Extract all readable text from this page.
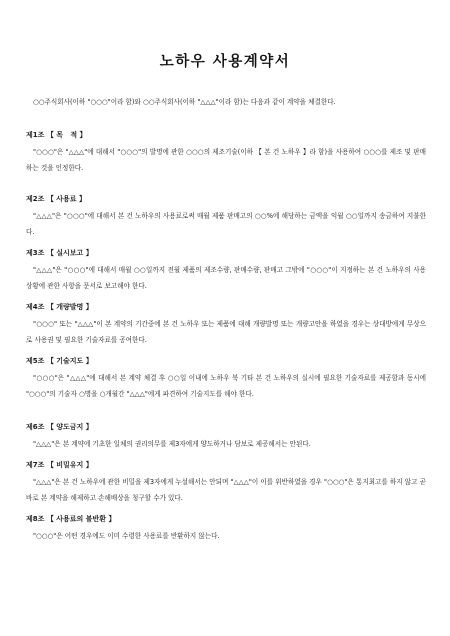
노하우 사용계약서

○○주식회사(이하 "○○○"이라 함)와 ○○주식회사(이하 "△△△"이라 함)는 다음과 같이 계약을 체결한다.

제1조 【 목   적 】

"○○○"은 "△△△"에 대해서 "○○○"의 발명에 관한 ○○○의 제조기술(이하 【 본 건 노하우 】라 함)을 사용하여 ○○○를 제조 및 판매하는 것을 인정한다.

제2조 【 사용료 】

"△△△"은 "○○○"에 대해서 본 건 노하우의 사용료로써 매월 제품 판매고의 ○○%에 해당하는 금액을 익월 ○○일까지 송금하여 지불한다.

제3조 【 실시보고 】

"△△△"은 "○○○"에 대해서 매월 ○○일까지 전월 제품의 제조수량, 판매수량, 판매고 그밖에 "○○○"이 지정하는 본 건 노하우의 사용 상황에 관한 사항을 문서로 보고해야 한다.

제4조 【 개량발명 】

"○○○" 또는 "△△△"이 본 계약의 기간중에 본 건 노하우 또는 제품에 대해 개량발명 또는 개량고안을 하였을 경우는 상대방에게 무상으로 사용권 및 필요한 기술자료를 공여한다.

제5조 【 기술지도 】

"○○○"은 "△△△"에 대해서 본 계약 체결 후 ○○일 이내에 노하우 북 기타 본 건 노하우의 실시에 필요한 기술자료를 제공함과 동시에 "○○○"의 기술자 ○명을 ○개월간 "△△△"에게 파견하여 기술지도를 해야 한다.

제6조 【 양도금지 】

"△△△"은 본 계약에 기초한 일체의 권리의무를 제3자에게 양도하거나 담보로 제공해서는 안된다.

제7조 【 비밀유지 】

"△△△"은 본 건 노하우에 관한 비밀을 제3자에게 누설해서는 안되며 "△△△"이 이를 위반하였을 경우 "○○○"은 통지최고를 하지 않고 곧바로 본 계약을 해제하고 손해배상을 청구할 수가 있다.

제8조 【 사용료의 불반환 】

"○○○"은 어떤 경우에도 이미 수령한 사용료를 반환하지 않는다.
